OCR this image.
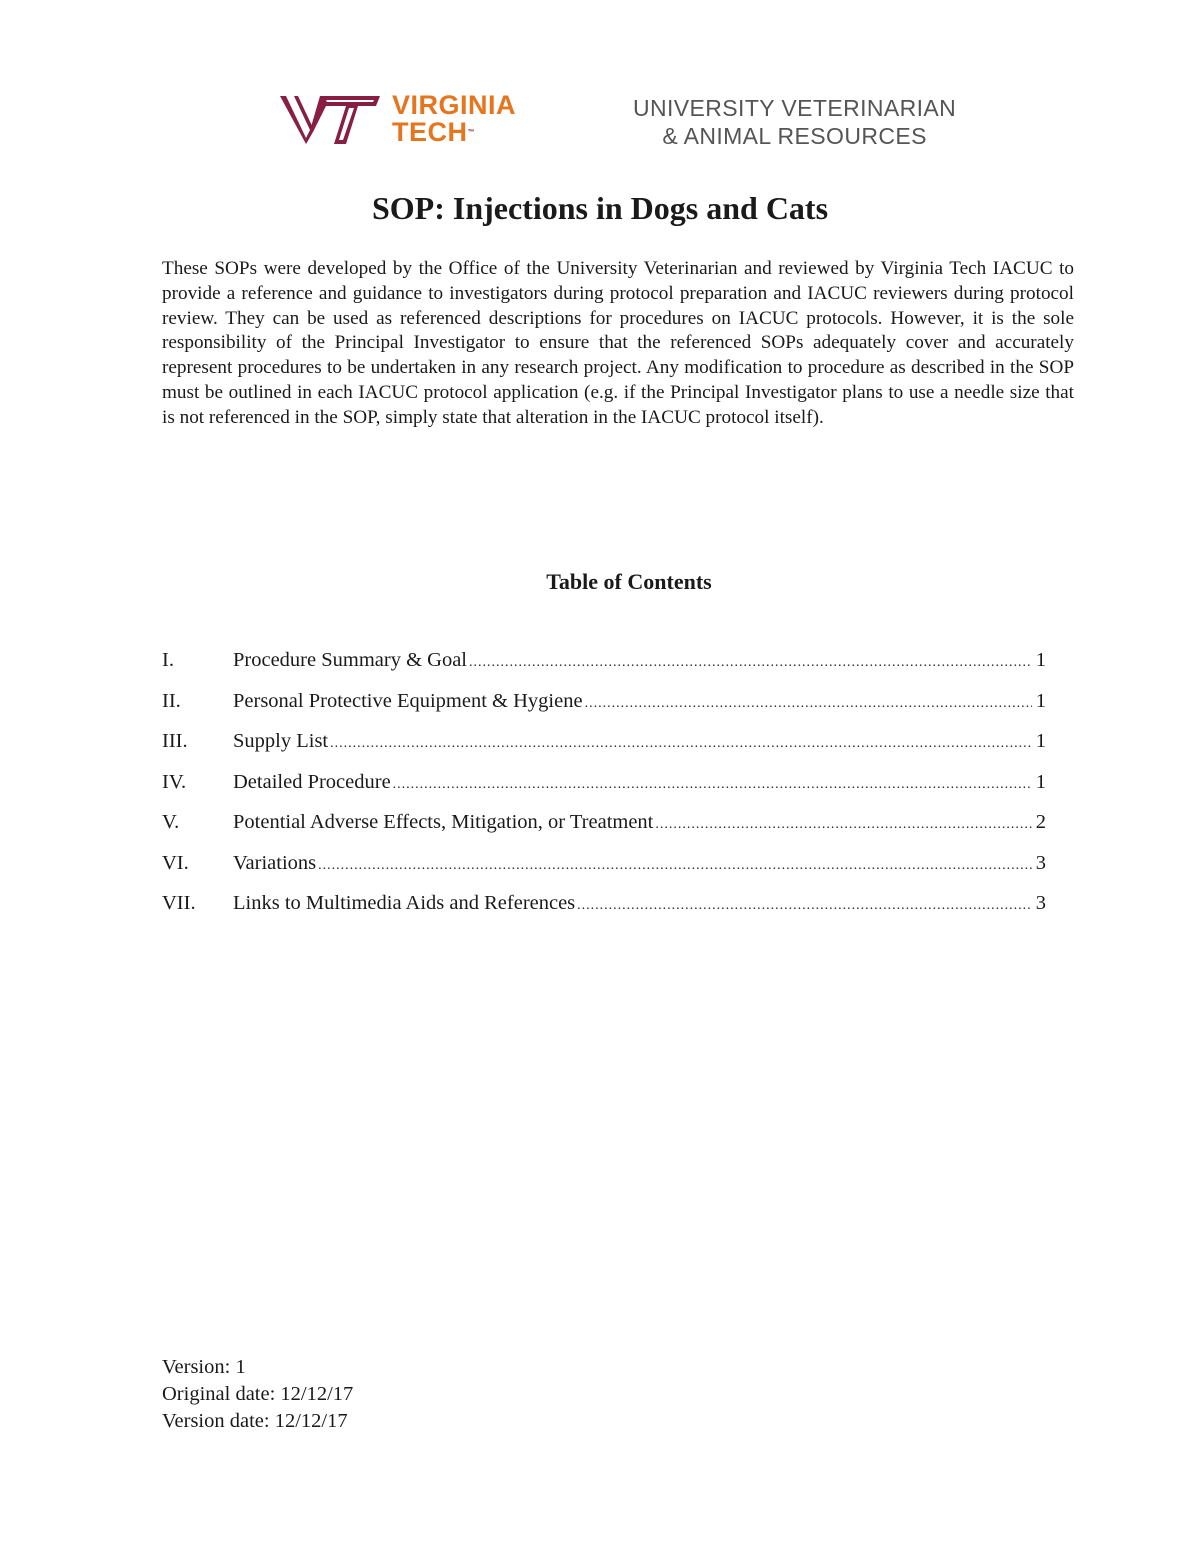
VIRGINIA
TECH™
UNIVERSITY VETERINARIAN
& ANIMAL RESOURCES
SOP: Injections in Dogs and Cats

These SOPs were developed by the Office of the University Veterinarian and reviewed by Virginia Tech IACUC to provide a reference and guidance to investigators during protocol preparation and IACUC reviewers during protocol review. They can be used as referenced descriptions for procedures on IACUC protocols. However, it is the sole responsibility of the Principal Investigator to ensure that the referenced SOPs adequately cover and accurately represent procedures to be undertaken in any research project. Any modification to procedure as described in the SOP must be outlined in each IACUC protocol application (e.g. if the Principal Investigator plans to use a needle size that is not referenced in the SOP, simply state that alteration in the IACUC protocol itself).

Table of Contents
I.	Procedure Summary & Goal .....	1
II.	Personal Protective Equipment & Hygiene .....	1
III.	Supply List .....	1
IV.	Detailed Procedure .....	1
V.	Potential Adverse Effects, Mitigation, or Treatment .....	2
VI.	Variations .....	3
VII.	Links to Multimedia Aids and References .....	3
Version: 1
Original date: 12/12/17
Version date: 12/12/17
